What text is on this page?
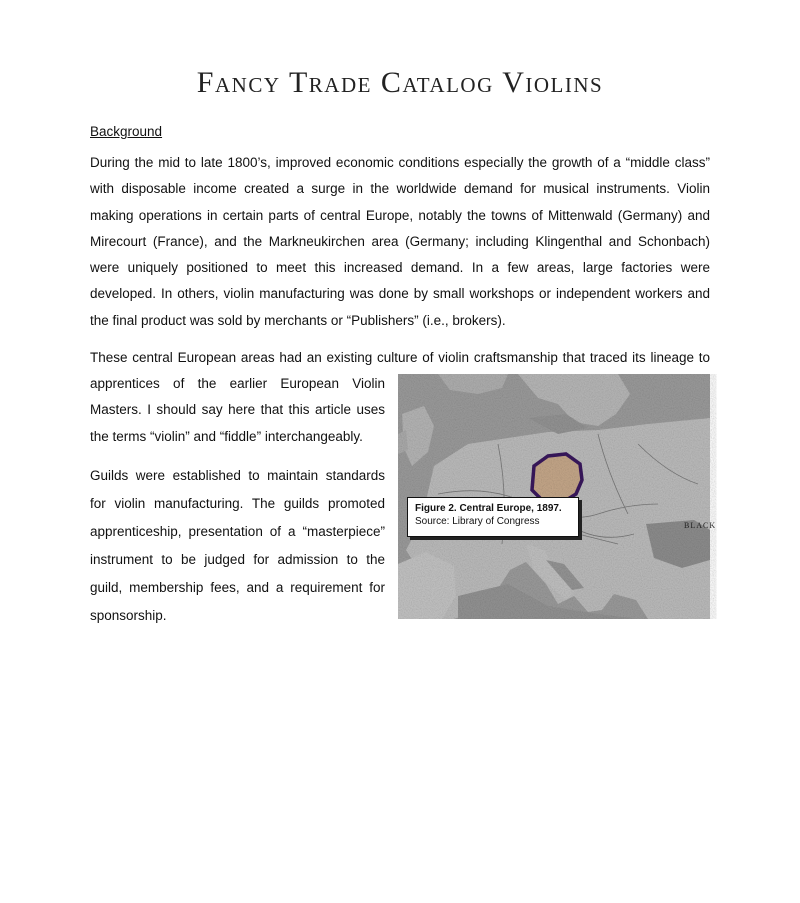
Fancy Trade Catalog Violins
Background

During the mid to late 1800’s, improved economic conditions especially the growth of a “middle class” with disposable income created a surge in the worldwide demand for musical instruments. Violin making operations in certain parts of central Europe, notably the towns of Mittenwald (Germany) and Mirecourt (France), and the Markneukirchen area (Germany; including Klingenthal and Schonbach) were uniquely positioned to meet this increased demand. In a few areas, large factories were developed. In others, violin manufacturing was done by small workshops or independent workers and the final product was sold by merchants or “Publishers” (i.e., brokers).

These central European areas had an existing culture of violin craftsmanship that traced its lineage to

apprentices of the earlier European Violin Masters. I should say here that this article uses the terms “violin” and “fiddle” interchangeably.

Guilds were established to maintain standards for violin manufacturing. The guilds promoted apprenticeship, presentation of a “masterpiece” instrument to be judged for admission to the guild, membership fees, and a requirement for sponsorship.

BLACK
Figure 2. Central Europe, 1897.
Source: Library of Congress
